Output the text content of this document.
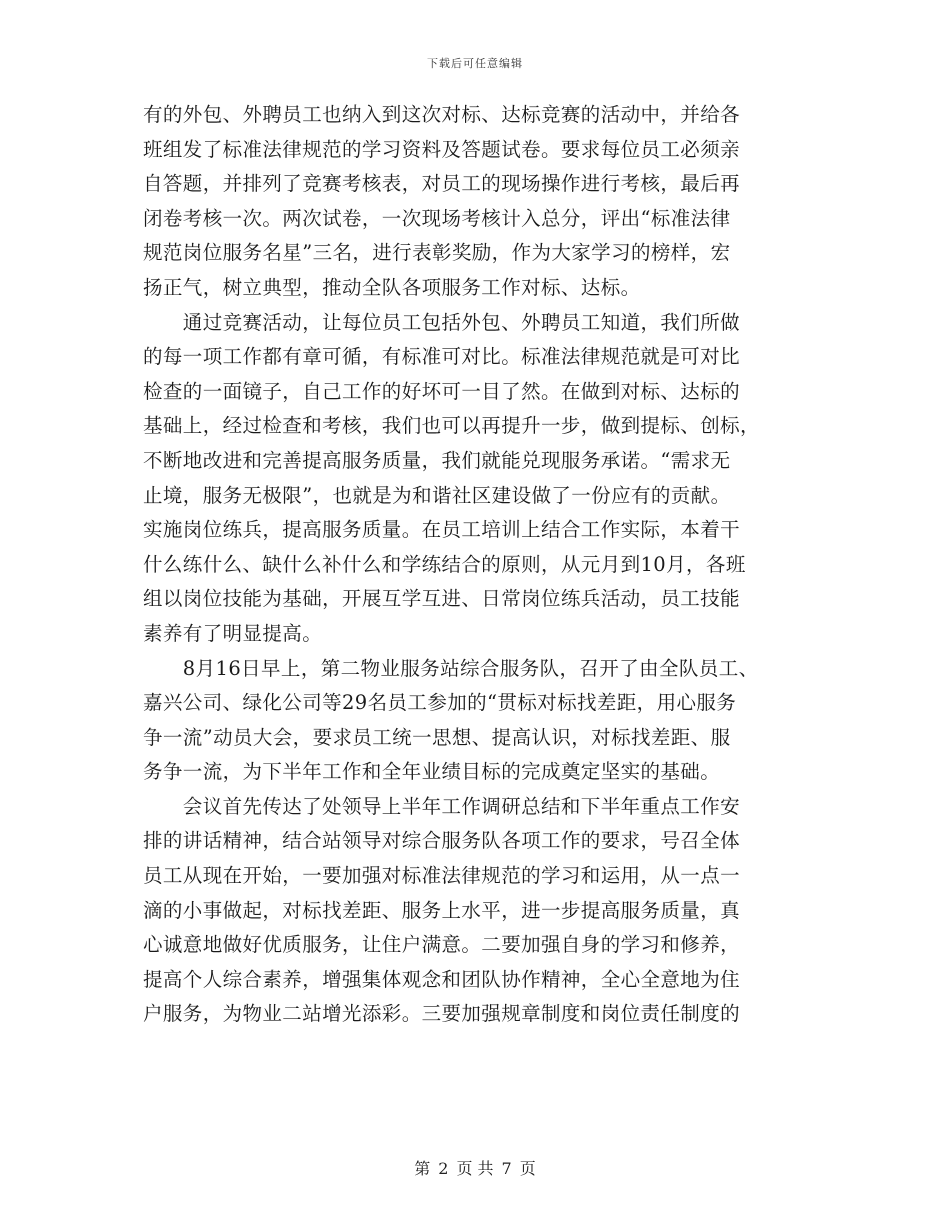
下载后可任意编辑
有的外包、外聘员工也纳入到这次对标、达标竞赛的活动中，并给各
班组发了标准法律规范的学习资料及答题试卷。要求每位员工必须亲
自答题，并排列了竞赛考核表，对员工的现场操作进行考核，最后再
闭卷考核一次。两次试卷，一次现场考核计入总分，评出“标准法律
规范岗位服务名星”三名，进行表彰奖励，作为大家学习的榜样，宏
扬正气，树立典型，推动全队各项服务工作对标、达标。
　　通过竞赛活动，让每位员工包括外包、外聘员工知道，我们所做
的每一项工作都有章可循，有标准可对比。标准法律规范就是可对比
检查的一面镜子，自己工作的好坏可一目了然。在做到对标、达标的
基础上，经过检查和考核，我们也可以再提升一步，做到提标、创标，
不断地改进和完善提高服务质量，我们就能兑现服务承诺。“需求无
止境，服务无极限”，也就是为和谐社区建设做了一份应有的贡献。
实施岗位练兵，提高服务质量。在员工培训上结合工作实际，本着干
什么练什么、缺什么补什么和学练结合的原则，从元月到10月，各班
组以岗位技能为基础，开展互学互进、日常岗位练兵活动，员工技能
素养有了明显提高。
　　8月16日早上，第二物业服务站综合服务队，召开了由全队员工、
嘉兴公司、绿化公司等29名员工参加的“贯标对标找差距，用心服务
争一流”动员大会，要求员工统一思想、提高认识，对标找差距、服
务争一流，为下半年工作和全年业绩目标的完成奠定坚实的基础。
　　会议首先传达了处领导上半年工作调研总结和下半年重点工作安
排的讲话精神，结合站领导对综合服务队各项工作的要求，号召全体
员工从现在开始，一要加强对标准法律规范的学习和运用，从一点一
滴的小事做起，对标找差距、服务上水平，进一步提高服务质量，真
心诚意地做好优质服务，让住户满意。二要加强自身的学习和修养，
提高个人综合素养，增强集体观念和团队协作精神，全心全意地为住
户服务，为物业二站增光添彩。三要加强规章制度和岗位责任制度的
第 2 页 共 7 页
